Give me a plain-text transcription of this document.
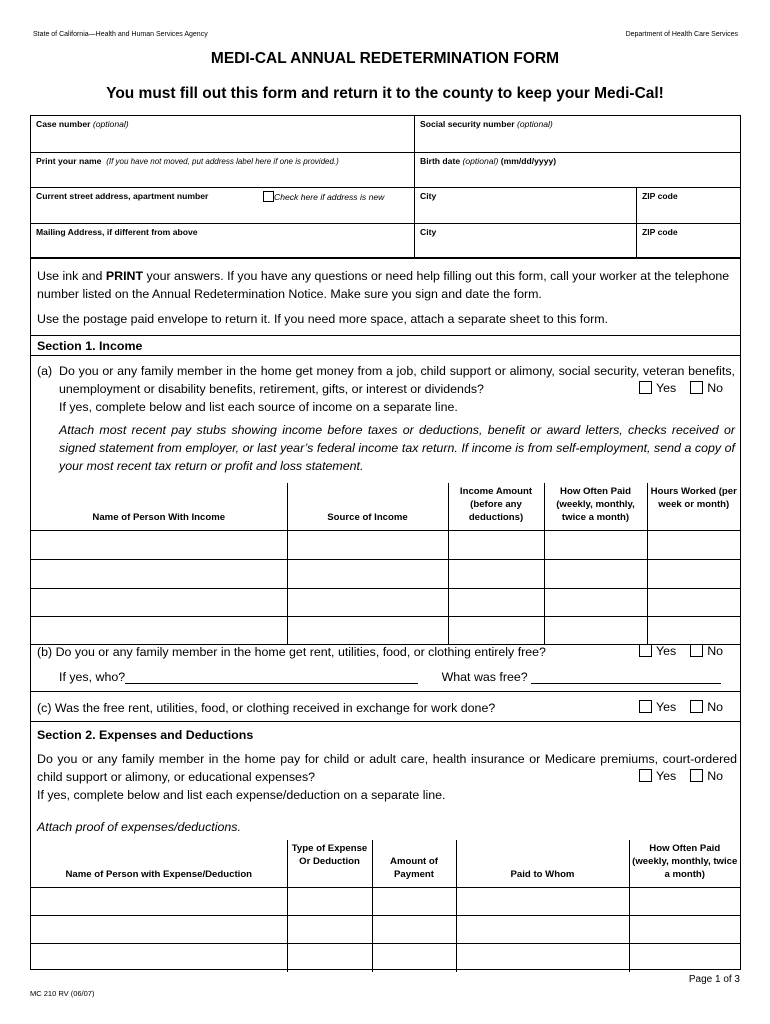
State of California—Health and Human Services Agency	Department of Health Care Services
MEDI-CAL ANNUAL REDETERMINATION FORM
You must fill out this form and return it to the county to keep your Medi-Cal!
Case number (optional)	Social security number (optional)
Print your name (If you have not moved, put address label here if one is provided.)	Birth date (optional) (mm/dd/yyyy)
Current street address, apartment number	Check here if address is new	City	ZIP code
Mailing Address, if different from above	City	ZIP code
Use ink and PRINT your answers. If you have any questions or need help filling out this form, call your worker at the telephone number listed on the Annual Redetermination Notice. Make sure you sign and date the form.
Use the postage paid envelope to return it. If you need more space, attach a separate sheet to this form.
Section 1. Income
(a) Do you or any family member in the home get money from a job, child support or alimony, social security, veteran benefits, unemployment or disability benefits, retirement, gifts, or interest or dividends?	Yes	No
If yes, complete below and list each source of income on a separate line.
Attach most recent pay stubs showing income before taxes or deductions, benefit or award letters, checks received or signed statement from employer, or last year’s federal income tax return. If income is from self-employment, send a copy of your most recent tax return or profit and loss statement.
Name of Person With Income	Source of Income	Income Amount (before any deductions)	How Often Paid (weekly, monthly, twice a month)	Hours Worked (per week or month)

(b) Do you or any family member in the home get rent, utilities, food, or clothing entirely free?	Yes	No
If yes, who?	What was free?
(c) Was the free rent, utilities, food, or clothing received in exchange for work done?	Yes	No
Section 2. Expenses and Deductions
Do you or any family member in the home pay for child or adult care, health insurance or Medicare premiums, court-ordered child support or alimony, or educational expenses?	Yes	No
If yes, complete below and list each expense/deduction on a separate line.
Attach proof of expenses/deductions.
Name of Person with Expense/Deduction	Type of Expense Or Deduction	Amount of Payment	Paid to Whom	How Often Paid (weekly, monthly, twice a month)

Page 1 of 3
MC 210 RV (06/07)
